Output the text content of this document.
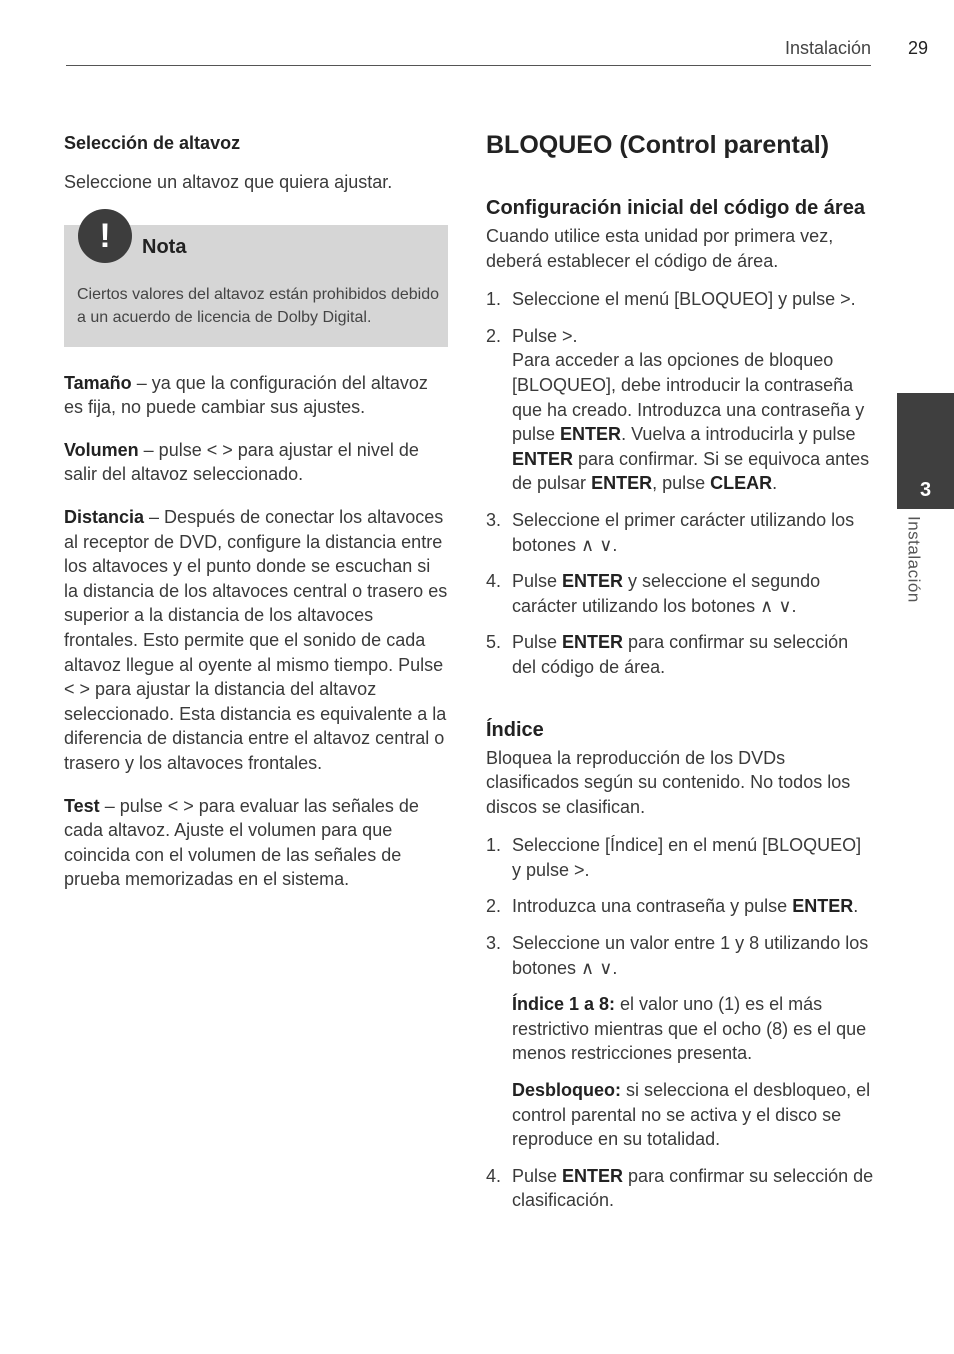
Instalación 29

Selección de altavoz

Seleccione un altavoz que quiera ajustar.

!	Nota
Ciertos valores del altavoz están prohibidos debido a un acuerdo de licencia de Dolby Digital.

Tamaño – ya que la configuración del altavoz es fija, no puede cambiar sus ajustes.

Volumen – pulse < > para ajustar el nivel de salir del altavoz seleccionado.

Distancia – Después de conectar los altavoces al receptor de DVD, configure la distancia entre los altavoces y el punto donde se escuchan si la distancia de los altavoces central o trasero es superior a la distancia de los altavoces frontales. Esto permite que el sonido de cada altavoz llegue al oyente al mismo tiempo. Pulse < > para ajustar la distancia del altavoz seleccionado. Esta distancia es equivalente a la diferencia de distancia entre el altavoz central o trasero y los altavoces frontales.

Test – pulse < > para evaluar las señales de cada altavoz. Ajuste el volumen para que coincida con el volumen de las señales de prueba memorizadas en el sistema.

BLOQUEO (Control parental)
Configuración inicial del código de área

Cuando utilice esta unidad por primera vez, deberá establecer el código de área.

1. Seleccione el menú [BLOQUEO] y pulse >.
2. Pulse >.
Para acceder a las opciones de bloqueo [BLOQUEO], debe introducir la contraseña que ha creado. Introduzca una contraseña y pulse ENTER. Vuelva a introducirla y pulse ENTER para confirmar. Si se equivoca antes de pulsar ENTER, pulse CLEAR.
3. Seleccione el primer carácter utilizando los botones ∧ ∨.
4. Pulse ENTER y seleccione el segundo carácter utilizando los botones ∧ ∨.
5. Pulse ENTER para confirmar su selección del código de área.
Índice

Bloquea la reproducción de los DVDs clasificados según su contenido. No todos los discos se clasifican.

1. Seleccione [Índice] en el menú [BLOQUEO] y pulse >.
2. Introduzca una contraseña y pulse ENTER.
3. Seleccione un valor entre 1 y 8 utilizando los botones ∧ ∨.
Índice 1 a 8: el valor uno (1) es el más restrictivo mientras que el ocho (8) es el que menos restricciones presenta.
Desbloqueo: si selecciona el desbloqueo, el control parental no se activa y el disco se reproduce en su totalidad.
4. Pulse ENTER para confirmar su selección de clasificación.
3
Instalación
